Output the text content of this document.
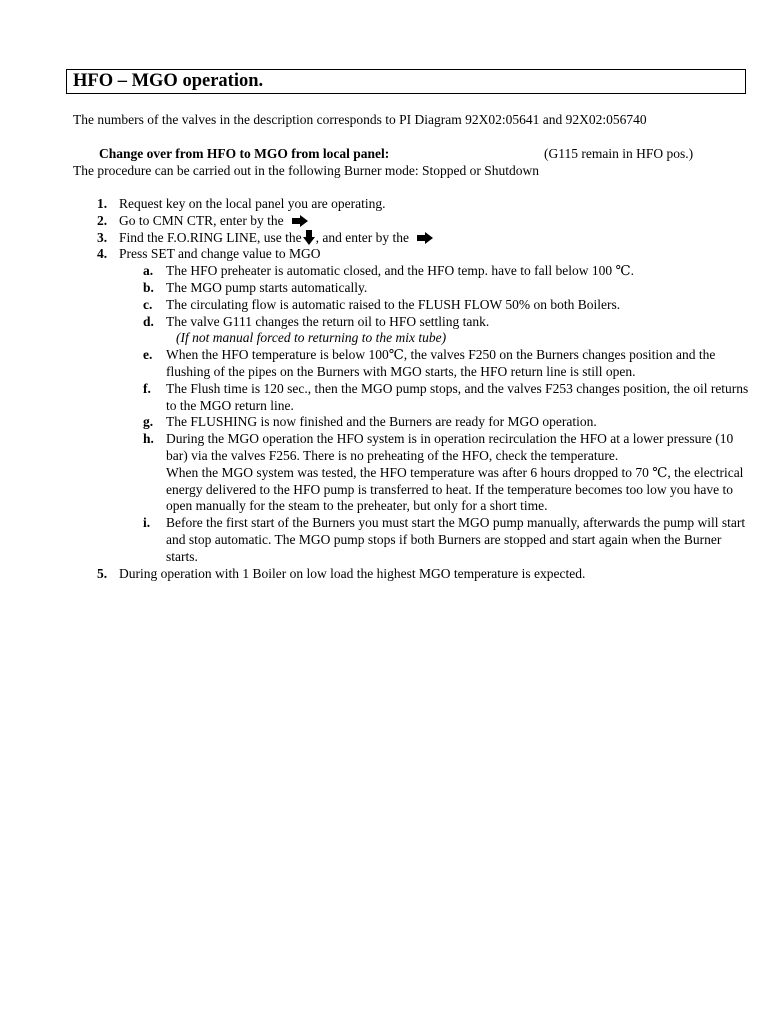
HFO – MGO operation.
The numbers of the valves in the description corresponds to PI Diagram 92X02:05641 and 92X02:056740
Change over from HFO to MGO from local panel:	(G115 remain in HFO pos.)
The procedure can be carried out in the following Burner mode: Stopped or Shutdown
1. Request key on the local panel you are operating.
2. Go to CMN CTR, enter by the
3. Find the F.O.RING LINE, use the , and enter by the
4. Press SET and change value to MGO
a. The HFO preheater is automatic closed, and the HFO temp. have to fall below 100 ℃.

b. The MGO pump starts automatically.

c. The circulating flow is automatic raised to the FLUSH FLOW 50% on both Boilers.

d. The valve G111 changes the return oil to HFO settling tank.

(If not manual forced to returning to the mix tube)

e. When the HFO temperature is below 100℃, the valves F250 on the Burners changes position and the flushing of the pipes on the Burners with MGO starts, the HFO return line is still open.

f. The Flush time is 120 sec., then the MGO pump stops, and the valves F253 changes position, the oil returns to the MGO return line.

g. The FLUSHING is now finished and the Burners are ready for MGO operation.

h. During the MGO operation the HFO system is in operation recirculation the HFO at a lower pressure (10 bar) via the valves F256. There is no preheating of the HFO, check the temperature.

When the MGO system was tested, the HFO temperature was after 6 hours dropped to 70 ℃, the electrical energy delivered to the HFO pump is transferred to heat. If the temperature becomes too low you have to open manually for the steam to the preheater, but only for a short time.

i. Before the first start of the Burners you must start the MGO pump manually, afterwards the pump will start and stop automatic. The MGO pump stops if both Burners are stopped and start again when the Burner starts.

5. During operation with 1 Boiler on low load the highest MGO temperature is expected.
